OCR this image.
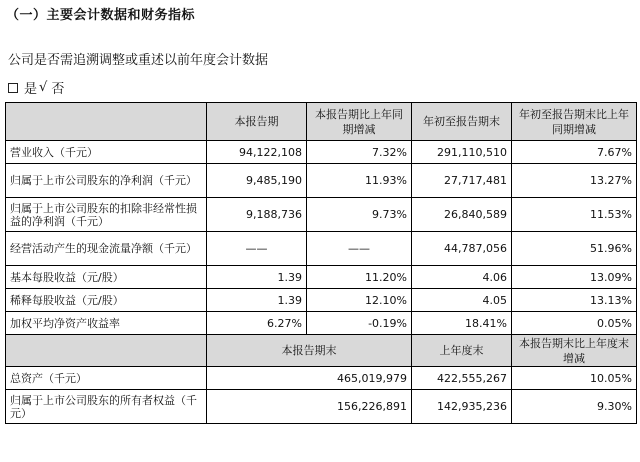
（一）主要会计数据和财务指标
公司是否需追溯调整或重述以前年度会计数据
是 √ 否
	本报告期	本报告期比上年同期增减	年初至报告期末	年初至报告期末比上年同期增减
营业收入（千元）	94,122,108	7.32%	291,110,510	7.67%
归属于上市公司股东的净利润（千元）	9,485,190	11.93%	27,717,481	13.27%
归属于上市公司股东的扣除非经常性损益的净利润（千元）	9,188,736	9.73%	26,840,589	11.53%
经营活动产生的现金流量净额（千元）	——	——	44,787,056	51.96%
基本每股收益（元/股）	1.39	11.20%	4.06	13.09%
稀释每股收益（元/股）	1.39	12.10%	4.05	13.13%
加权平均净资产收益率	6.27%	-0.19%	18.41%	0.05%
	本报告期末		上年度末	本报告期末比上年度末增减
总资产（千元）	465,019,979		422,555,267	10.05%
归属于上市公司股东的所有者权益（千元）	156,226,891		142,935,236	9.30%
